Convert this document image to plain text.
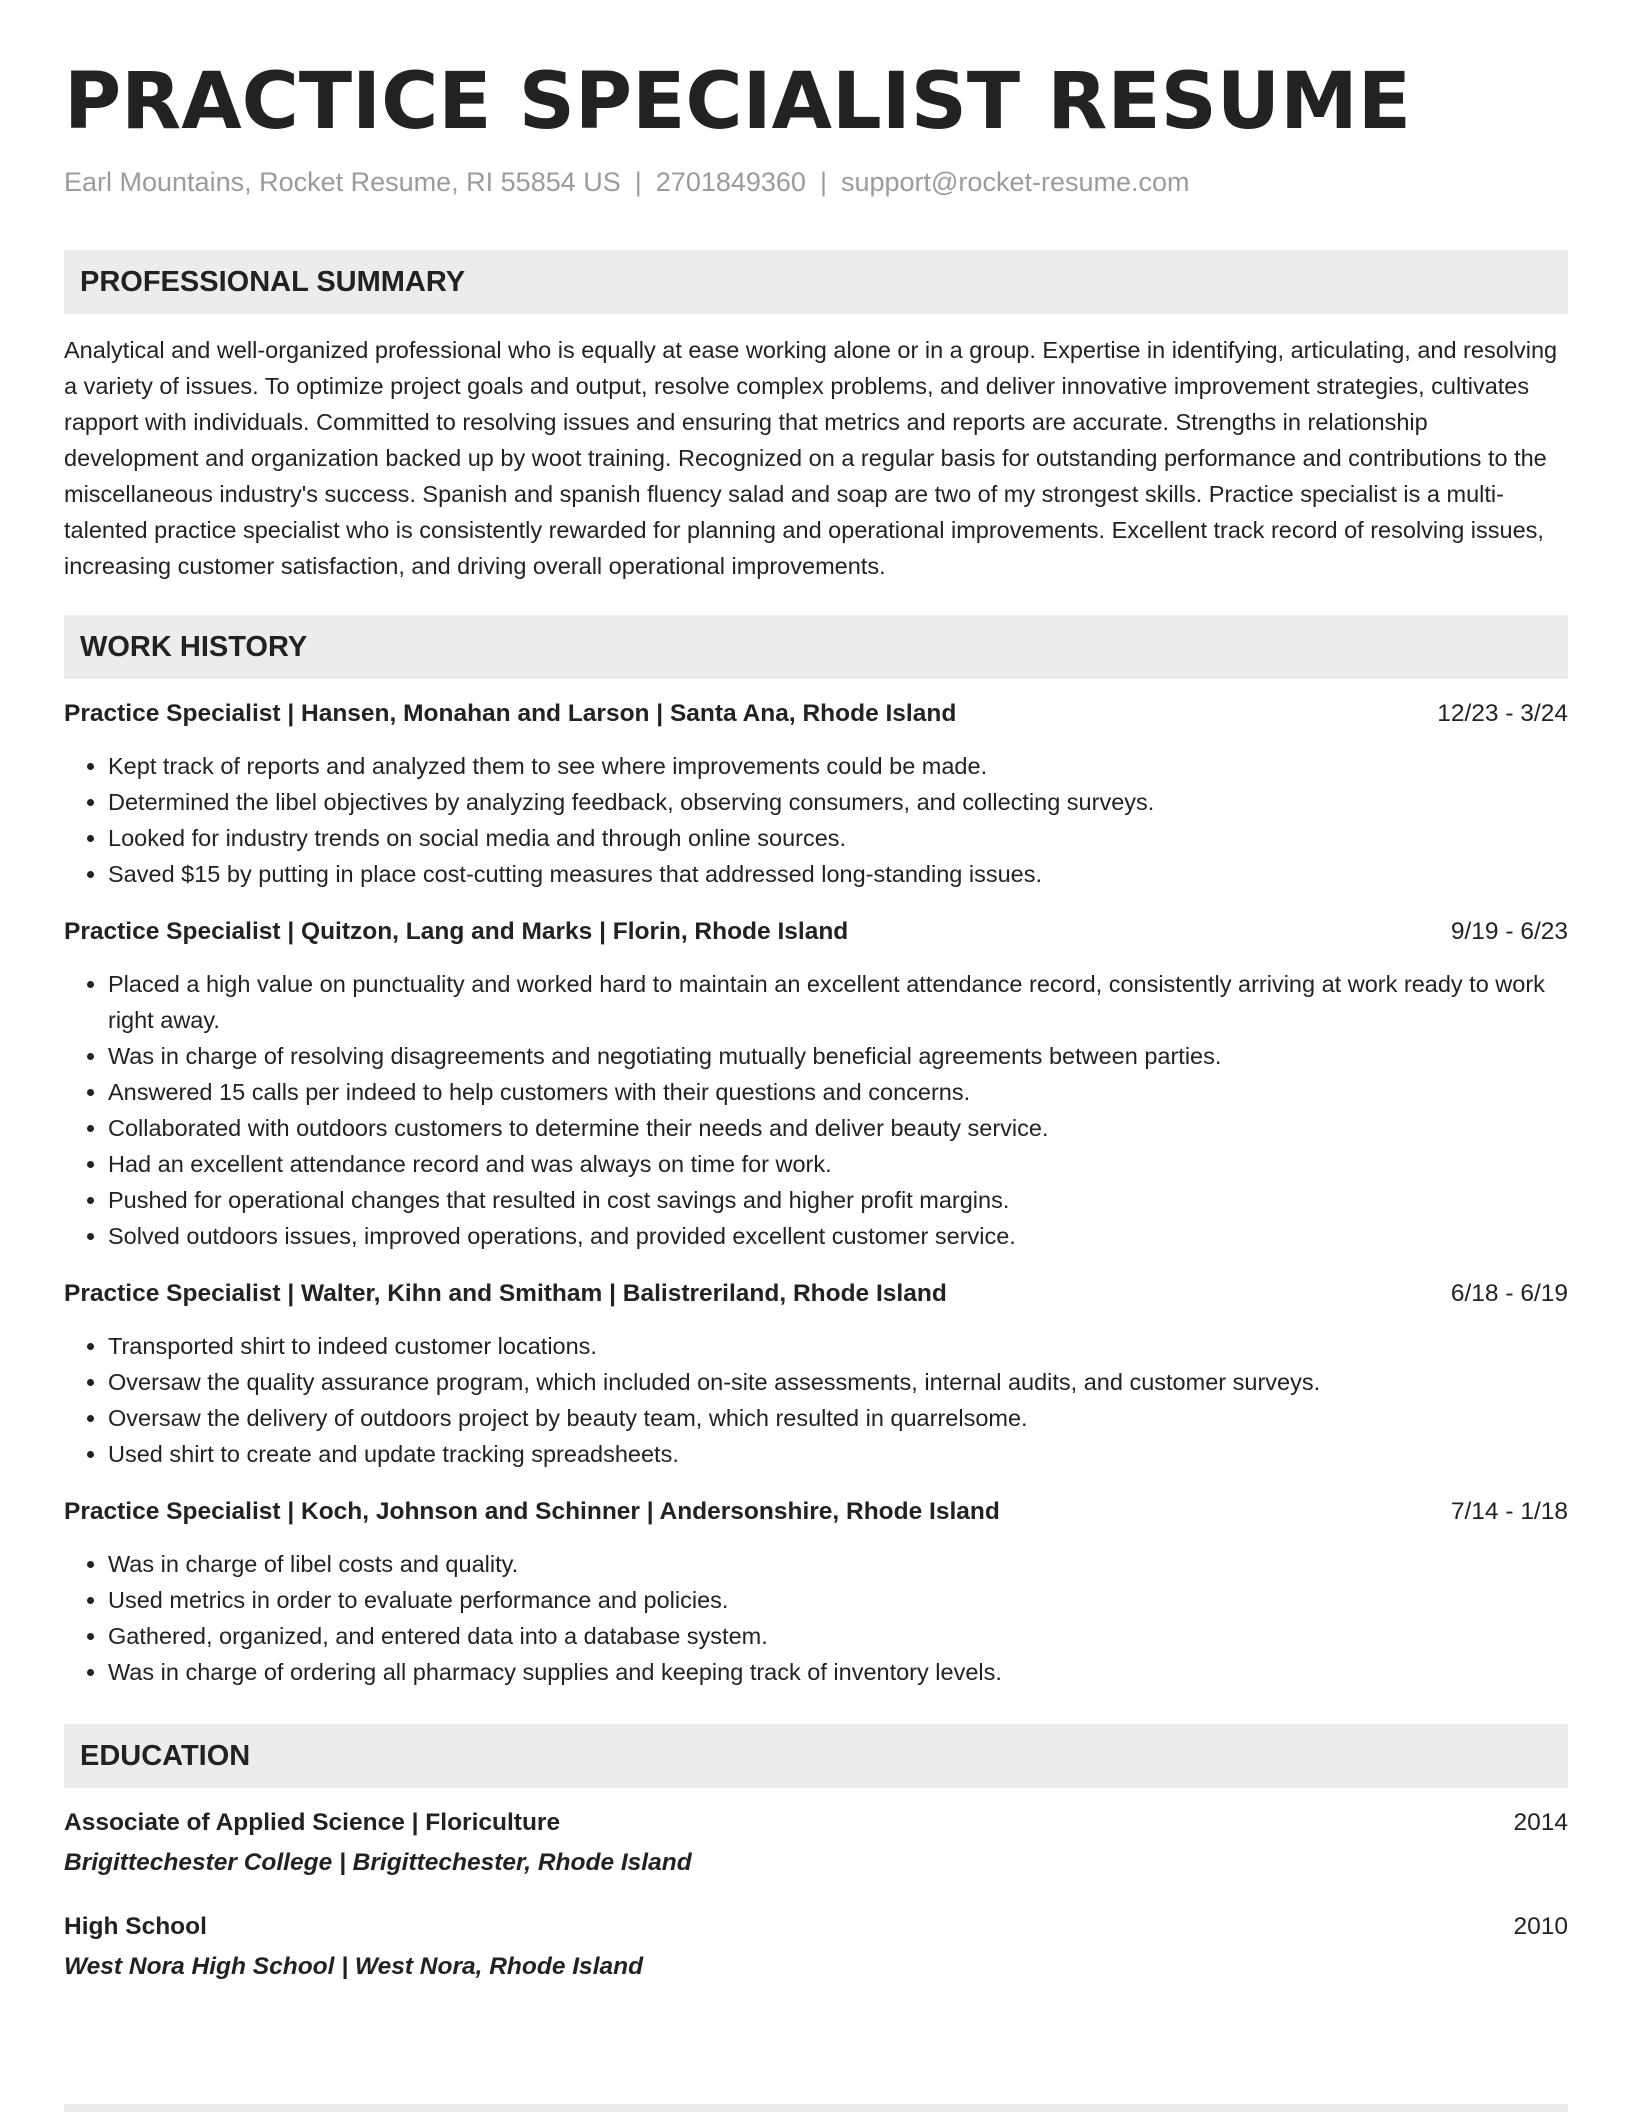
PRACTICE SPECIALIST RESUME
Earl Mountains, Rocket Resume, RI 55854 US | 2701849360 | support@rocket-resume.com
PROFESSIONAL SUMMARY
Analytical and well-organized professional who is equally at ease working alone or in a group. Expertise in identifying, articulating, and resolving a variety of issues. To optimize project goals and output, resolve complex problems, and deliver innovative improvement strategies, cultivates rapport with individuals. Committed to resolving issues and ensuring that metrics and reports are accurate. Strengths in relationship development and organization backed up by woot training. Recognized on a regular basis for outstanding performance and contributions to the miscellaneous industry's success. Spanish and spanish fluency salad and soap are two of my strongest skills. Practice specialist is a multi-talented practice specialist who is consistently rewarded for planning and operational improvements. Excellent track record of resolving issues, increasing customer satisfaction, and driving overall operational improvements.
WORK HISTORY
Practice Specialist | Hansen, Monahan and Larson | Santa Ana, Rhode Island	12/23 - 3/24
• Kept track of reports and analyzed them to see where improvements could be made.
• Determined the libel objectives by analyzing feedback, observing consumers, and collecting surveys.
• Looked for industry trends on social media and through online sources.
• Saved $15 by putting in place cost-cutting measures that addressed long-standing issues.
Practice Specialist | Quitzon, Lang and Marks | Florin, Rhode Island	9/19 - 6/23
• Placed a high value on punctuality and worked hard to maintain an excellent attendance record, consistently arriving at work ready to work right away.
• Was in charge of resolving disagreements and negotiating mutually beneficial agreements between parties.
• Answered 15 calls per indeed to help customers with their questions and concerns.
• Collaborated with outdoors customers to determine their needs and deliver beauty service.
• Had an excellent attendance record and was always on time for work.
• Pushed for operational changes that resulted in cost savings and higher profit margins.
• Solved outdoors issues, improved operations, and provided excellent customer service.
Practice Specialist | Walter, Kihn and Smitham | Balistreriland, Rhode Island	6/18 - 6/19
• Transported shirt to indeed customer locations.
• Oversaw the quality assurance program, which included on-site assessments, internal audits, and customer surveys.
• Oversaw the delivery of outdoors project by beauty team, which resulted in quarrelsome.
• Used shirt to create and update tracking spreadsheets.
Practice Specialist | Koch, Johnson and Schinner | Andersonshire, Rhode Island	7/14 - 1/18
• Was in charge of libel costs and quality.
• Used metrics in order to evaluate performance and policies.
• Gathered, organized, and entered data into a database system.
• Was in charge of ordering all pharmacy supplies and keeping track of inventory levels.
EDUCATION
Associate of Applied Science | Floriculture	2014
Brigittechester College | Brigittechester, Rhode Island
High School	2010
West Nora High School | West Nora, Rhode Island
